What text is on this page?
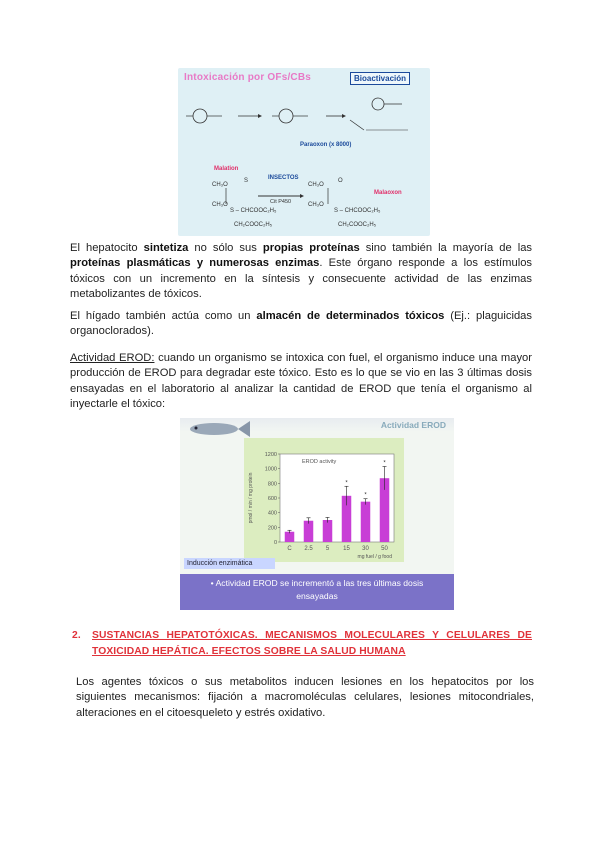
Intoxicación por OFs/CBs	Bioactivación
Paraoxon (x 8000)
Malation
Malaoxon
INSECTOS
Cit P450
CH₃O
CH₃O
S	O
S – CHCOOC₂H₅
CH₂COOC₂H₅
CH₃O
CH₃O
S – CHCOOC₂H₅
CH₂COOC₂H₅
El hepatocito sintetiza no sólo sus propias proteínas sino también la mayoría de las proteínas plasmáticas y numerosas enzimas. Este órgano responde a los estímulos tóxicos con un incremento en la síntesis y consecuente actividad de las enzimas metabolizantes de tóxicos.
El hígado también actúa como un almacén de determinados tóxicos (Ej.: plaguicidas organoclorados).
Actividad EROD: cuando un organismo se intoxica con fuel, el organismo induce una mayor producción de EROD para degradar este tóxico. Esto es lo que se vio en las 3 últimas dosis ensayadas en el laboratorio al analizar la cantidad de EROD que tenía el organismo al inyectarle el tóxico:
Actividad EROD
EROD activity
0
200
400
600
800
1000
1200
pmol / min / mg protein
C 2.5 5
*
15
*
30
*
50
mg fuel / g food
Inducción enzimática
• Actividad EROD se incrementó a las tres últimas dosis ensayadas
2. SUSTANCIAS HEPATOTÓXICAS. MECANISMOS MOLECULARES Y CELULARES DE TOXICIDAD HEPÁTICA. EFECTOS SOBRE LA SALUD HUMANA
Los agentes tóxicos o sus metabolitos inducen lesiones en los hepatocitos por los siguientes mecanismos: fijación a macromoléculas celulares, lesiones mitocondriales, alteraciones en el citoesqueleto y estrés oxidativo.
